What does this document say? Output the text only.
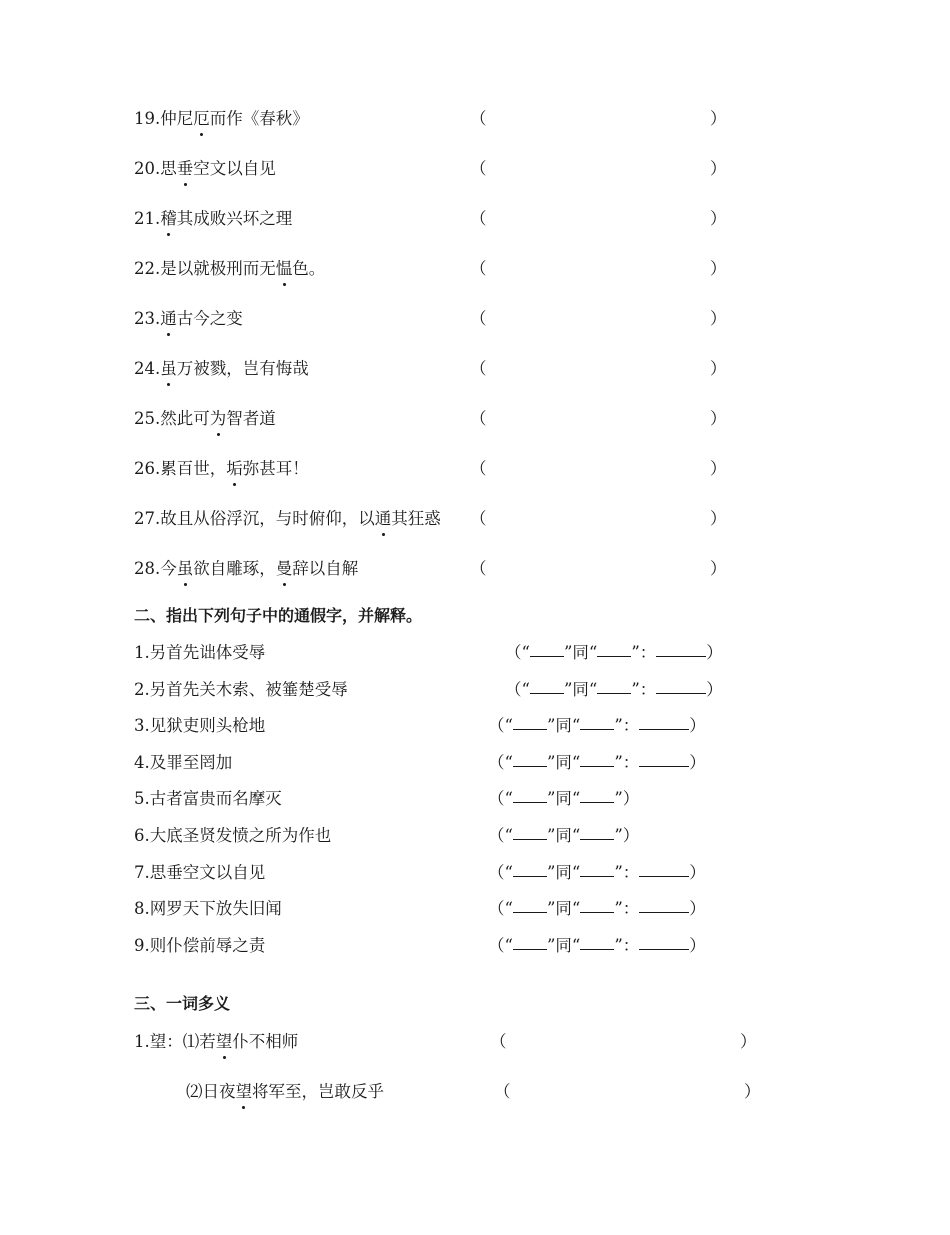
19.仲尼厄而作《春秋》	（	）
20.思垂空文以自见	（	）
21.稽其成败兴坏之理	（	）
22.是以就极刑而无愠色。	（	）
23.通古今之变	（	）
24.虽万被戮，岂有悔哉	（	）
25.然此可为智者道	（	）
26.累百世，垢弥甚耳！	（	）
27.故且从俗浮沉，与时俯仰，以通其狂惑 （	）
28.今虽欲自雕琢，曼辞以自解	（	）
二、指出下列句子中的通假字，并解释。
1.另首先诎体受辱	（“ ”同“ ”：	）
2.另首先关木索、被箠楚受辱	（“ ”同“ ”：	）
3.见狱吏则头枪地	（“ ”同“ ”：	）
4.及罪至罔加	（“ ”同“ ”：	）
5.古者富贵而名摩灭	（“ ”同“ ”）
6.大底圣贤发愤之所为作也	（“ ”同“ ”）
7.思垂空文以自见	（“ ”同“ ”：	）
8.网罗天下放失旧闻	（“ ”同“ ”：	）
9.则仆偿前辱之责	（“ ”同“ ”：	）
三、一词多义
1.望：⑴若望仆不相师	（	）
⑵日夜望将军至，岂敢反乎	（	）
